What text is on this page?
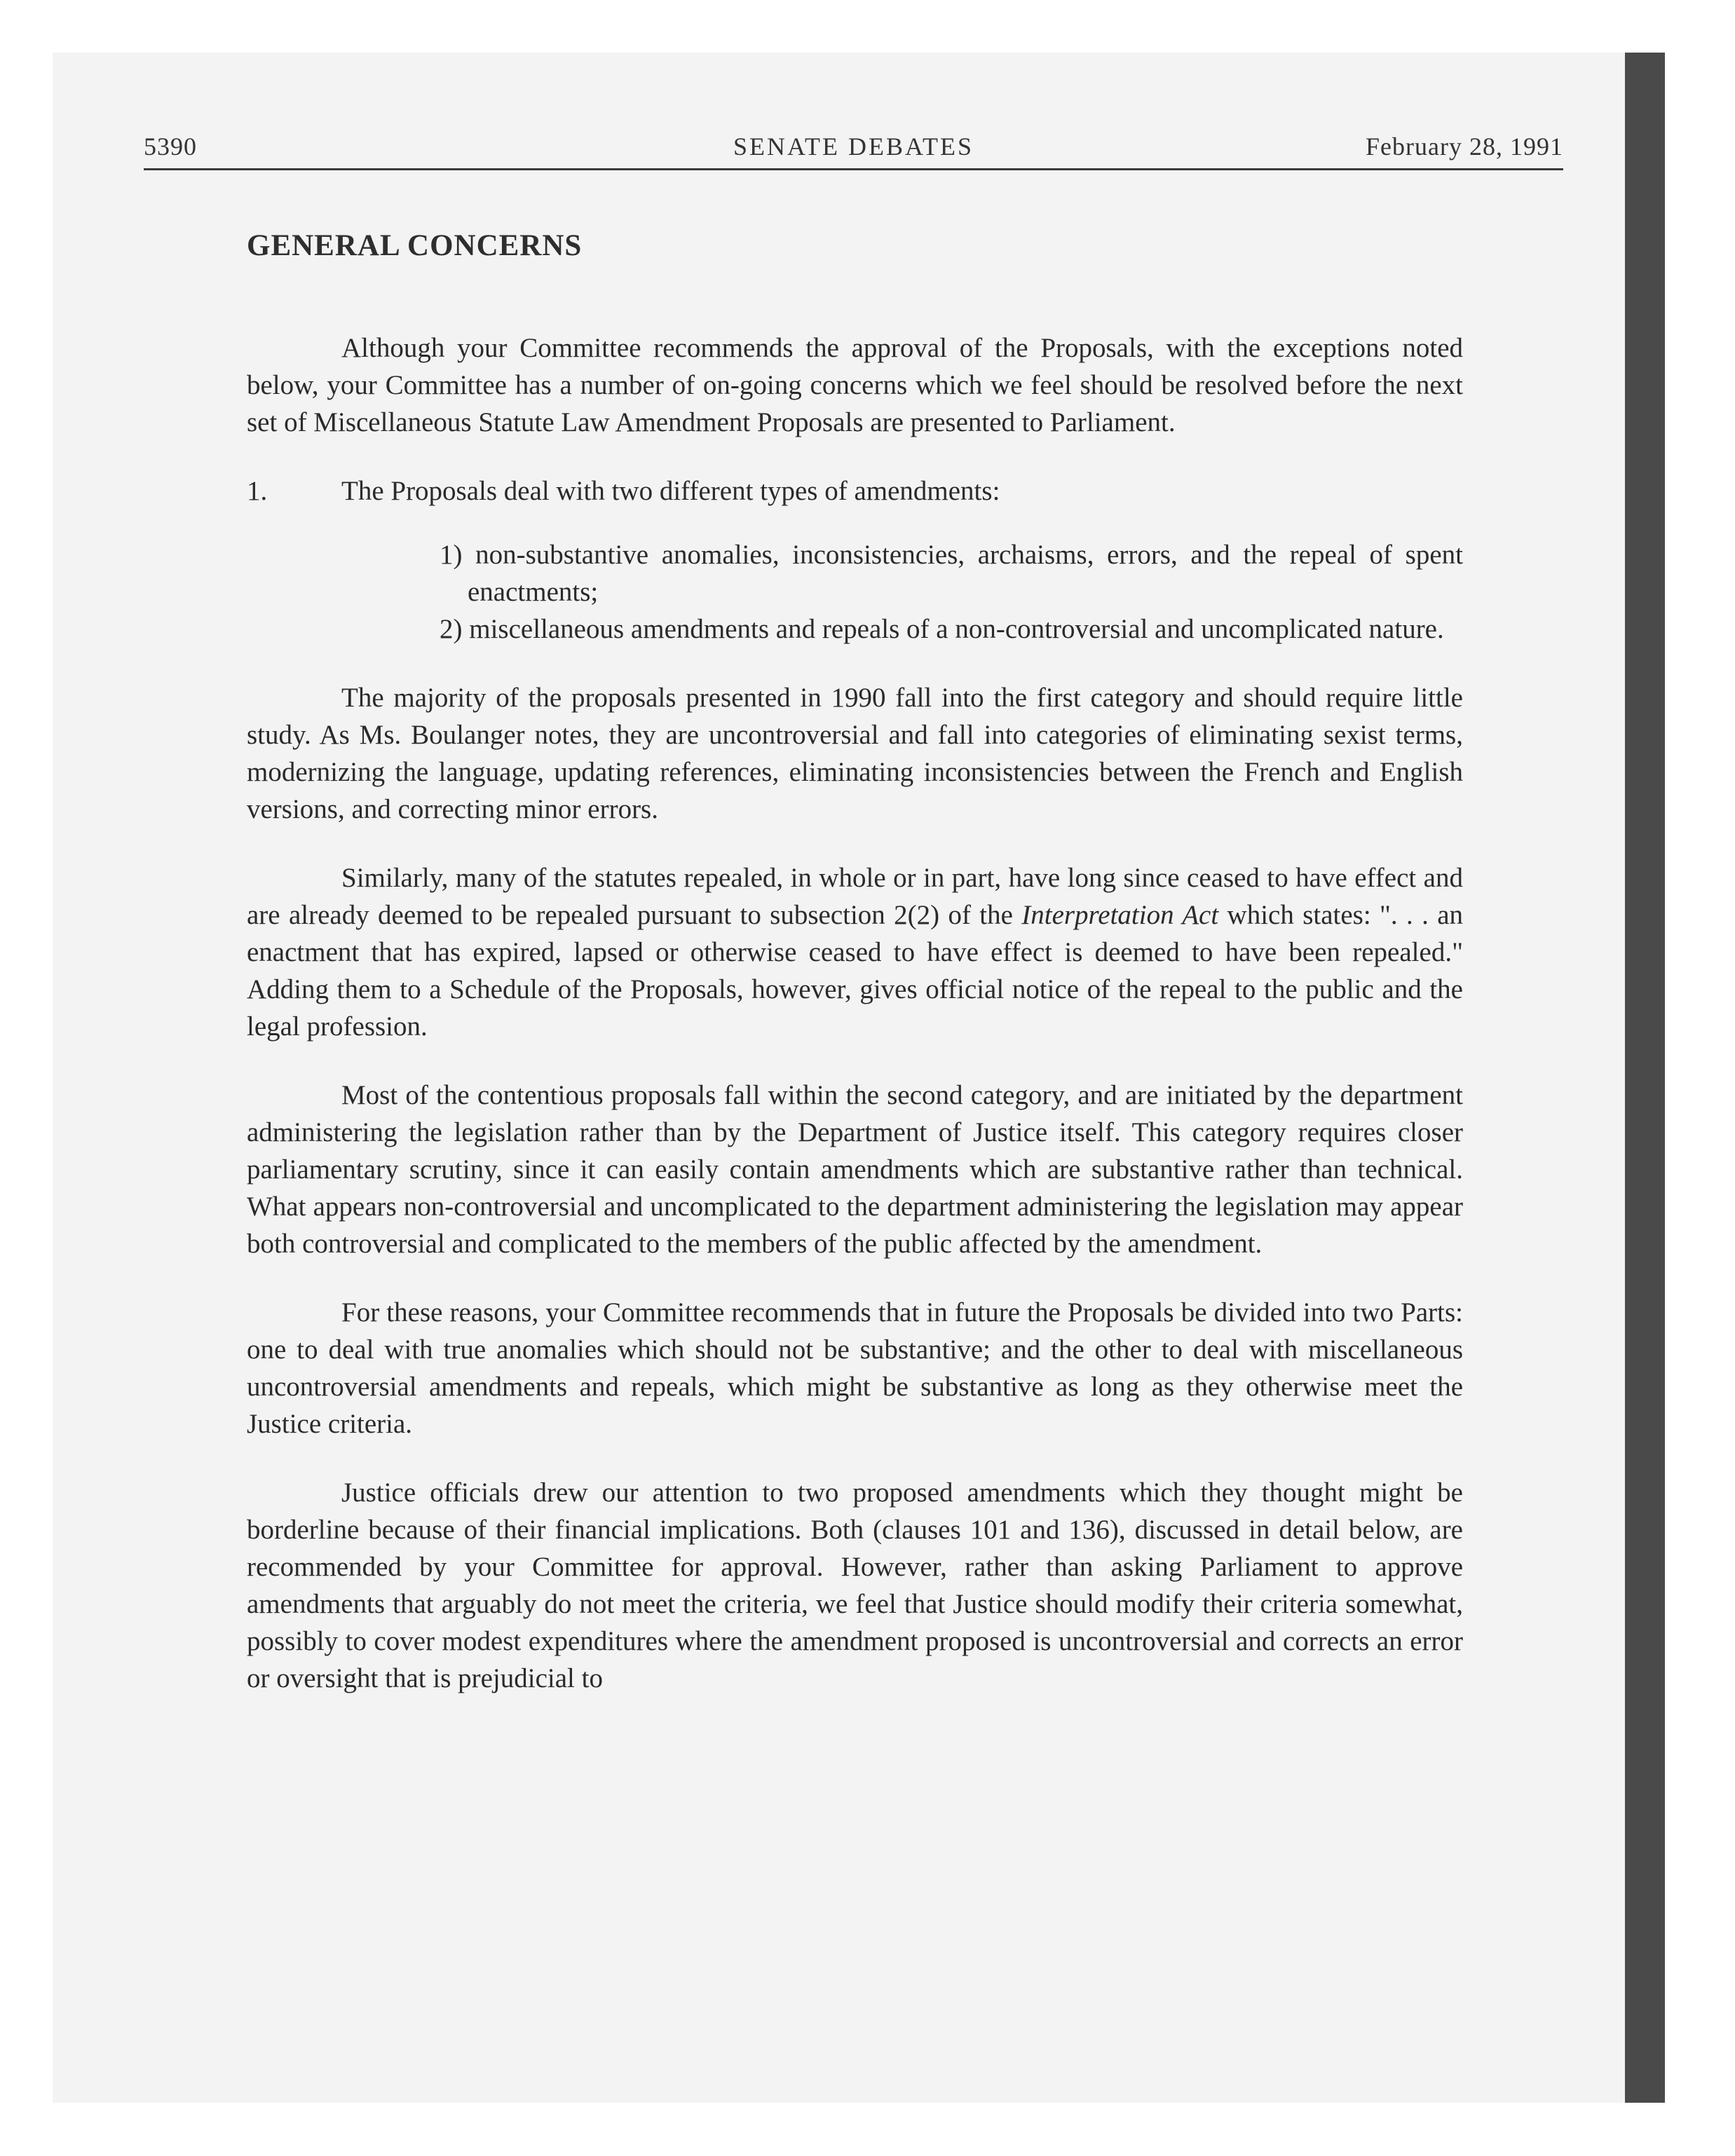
5390	SENATE DEBATES	February 28, 1991
GENERAL CONCERNS

Although your Committee recommends the approval of the Proposals, with the exceptions noted below, your Committee has a number of on-going concerns which we feel should be resolved before the next set of Miscellaneous Statute Law Amendment Proposals are presented to Parliament.

1.	The Proposals deal with two different types of amendments:
1) non-substantive anomalies, inconsistencies, archaisms, errors, and the repeal of spent enactments;
2) miscellaneous amendments and repeals of a non-controversial and uncomplicated nature.

The majority of the proposals presented in 1990 fall into the first category and should require little study. As Ms. Boulanger notes, they are uncontroversial and fall into categories of eliminating sexist terms, modernizing the language, updating references, eliminating inconsistencies between the French and English versions, and correcting minor errors.

Similarly, many of the statutes repealed, in whole or in part, have long since ceased to have effect and are already deemed to be repealed pursuant to subsection 2(2) of the Interpretation Act which states: ". . . an enactment that has expired, lapsed or otherwise ceased to have effect is deemed to have been repealed." Adding them to a Schedule of the Proposals, however, gives official notice of the repeal to the public and the legal profession.

Most of the contentious proposals fall within the second category, and are initiated by the department administering the legislation rather than by the Department of Justice itself. This category requires closer parliamentary scrutiny, since it can easily contain amendments which are substantive rather than technical. What appears non-controversial and uncomplicated to the department administering the legislation may appear both controversial and complicated to the members of the public affected by the amendment.

For these reasons, your Committee recommends that in future the Proposals be divided into two Parts: one to deal with true anomalies which should not be substantive; and the other to deal with miscellaneous uncontroversial amendments and repeals, which might be substantive as long as they otherwise meet the Justice criteria.

Justice officials drew our attention to two proposed amendments which they thought might be borderline because of their financial implications. Both (clauses 101 and 136), discussed in detail below, are recommended by your Committee for approval. However, rather than asking Parliament to approve amendments that arguably do not meet the criteria, we feel that Justice should modify their criteria somewhat, possibly to cover modest expenditures where the amendment proposed is uncontroversial and corrects an error or oversight that is prejudicial to
